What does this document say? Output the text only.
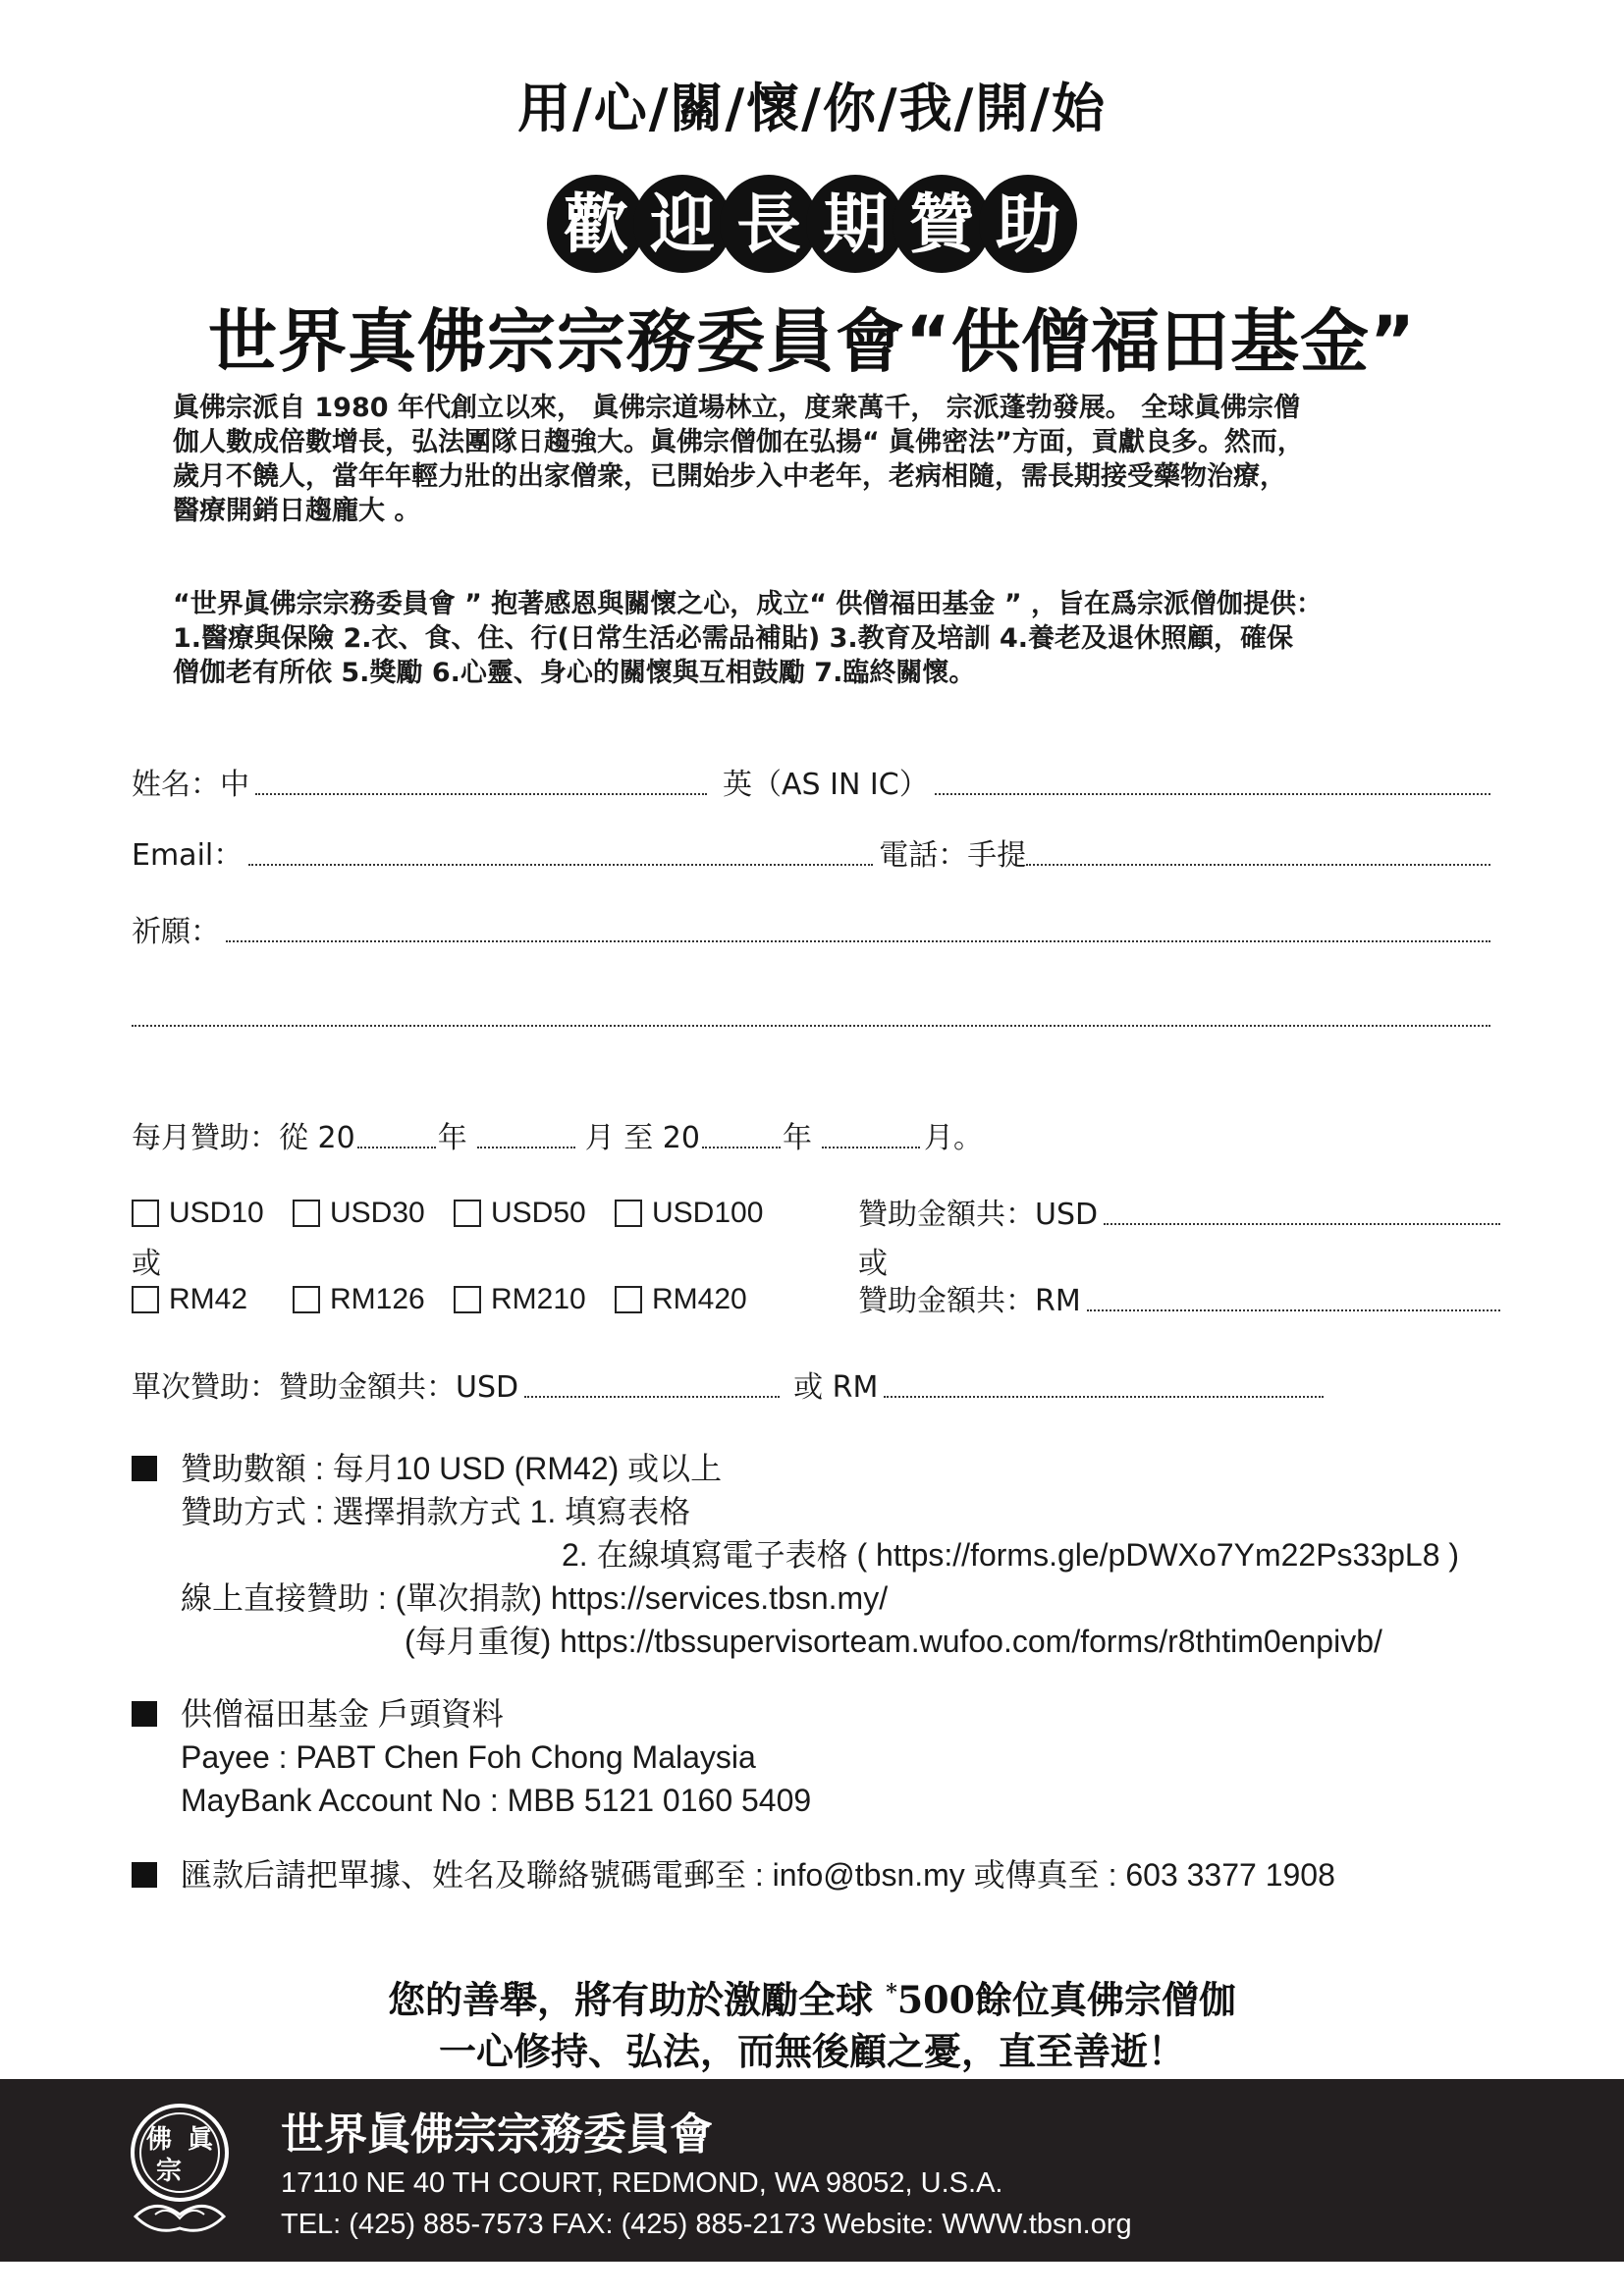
用/心/關/懷/你/我/開/始
歡 迎 長 期 贊 助
世界真佛宗宗務委員會“供僧福田基金”

眞佛宗派自 1980 年代創立以來， 眞佛宗道場林立，度衆萬千， 宗派蓬勃發展。 全球眞佛宗僧

伽人數成倍數增長，弘法團隊日趨強大。眞佛宗僧伽在弘揚“ 眞佛密法”方面，貢獻良多。然而，

歲月不饒人，當年年輕力壯的出家僧衆，已開始步入中老年，老病相隨，需長期接受藥物治療，

醫療開銷日趨龐大 。

“世界眞佛宗宗務委員會 ” 抱著感恩與關懷之心，成立“ 供僧福田基金 ” ，旨在爲宗派僧伽提供：

1.醫療與保險 2.衣、食、住、行(日常生活必需品補貼) 3.教育及培訓 4.養老及退休照顧，確保

僧伽老有所依 5.獎勵 6.心靈、身心的關懷與互相鼓勵 7.臨終關懷。

姓名：中	英（AS IN IC）
Email：	電話：手提
祈願：
每月贊助：從 20	年	月 至 20	年	月。
USD10 USD30 USD50 USD100	贊助金額共：USD
或	或
RM42	RM126 RM210 RM420	贊助金額共：RM
單次贊助：贊助金額共：USD	或 RM
贊助數額 : 每月10 USD (RM42) 或以上
贊助方式 : 選擇捐款方式 1. 填寫表格
2. 在線填寫電子表格 ( https://forms.gle/pDWXo7Ym22Ps33pL8 )
線上直接贊助 : (單次捐款) https://services.tbsn.my/
(每月重復) https://tbssupervisorteam.wufoo.com/forms/r8thtim0enpivb/
供僧福田基金 戶頭資料
Payee : PABT Chen Foh Chong Malaysia
MayBank Account No : MBB 5121 0160 5409
匯款后請把單據、姓名及聯絡號碼電郵至 : info@tbsn.my 或傳真至 : 603 3377 1908
您的善舉，將有助於激勵全球 *500餘位真佛宗僧伽
一心修持、弘法，而無後顧之憂，直至善逝！
佛 眞
宗
世界眞佛宗宗務委員會
17110 NE 40 TH COURT, REDMOND, WA 98052, U.S.A.
TEL: (425) 885-7573 FAX: (425) 885-2173 Website: WWW.tbsn.org
